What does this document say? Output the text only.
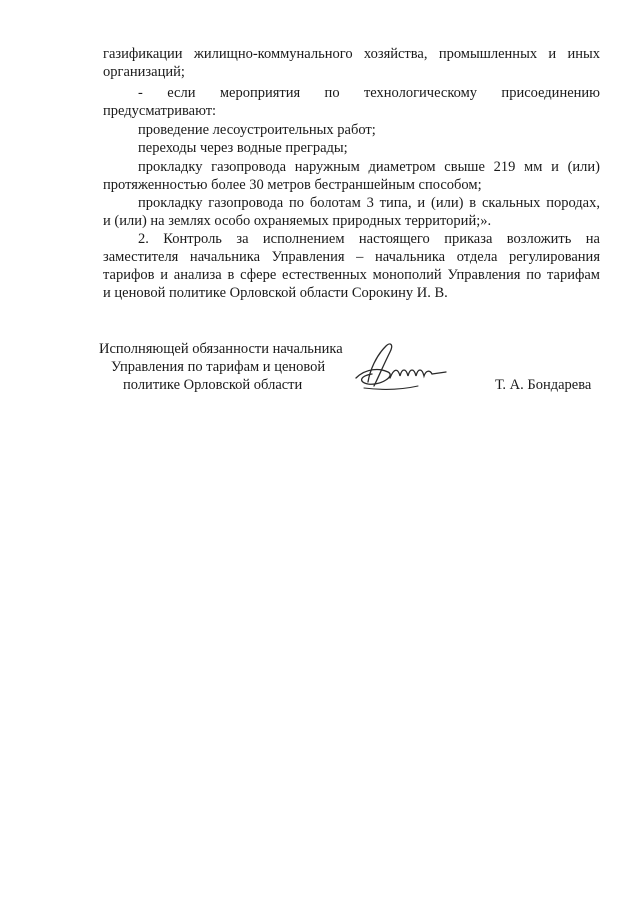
газификации жилищно-коммунального хозяйства, промышленных и иных
организаций;
- если мероприятия по технологическому присоединению
предусматривают:
проведение лесоустроительных работ;
переходы через водные преграды;
прокладку газопровода наружным диаметром свыше 219 мм и (или)
протяженностью более 30 метров бестраншейным способом;
прокладку газопровода по болотам 3 типа, и (или) в скальных породах,
и (или) на землях особо охраняемых природных территорий;».
2. Контроль за исполнением настоящего приказа возложить на
заместителя начальника Управления – начальника отдела регулирования
тарифов и анализа в сфере естественных монополий Управления по тарифам
и ценовой политике Орловской области Сорокину И. В.
Исполняющей обязанности начальника
Управления по тарифам и ценовой
политике Орловской области	Т. А. Бондарева
